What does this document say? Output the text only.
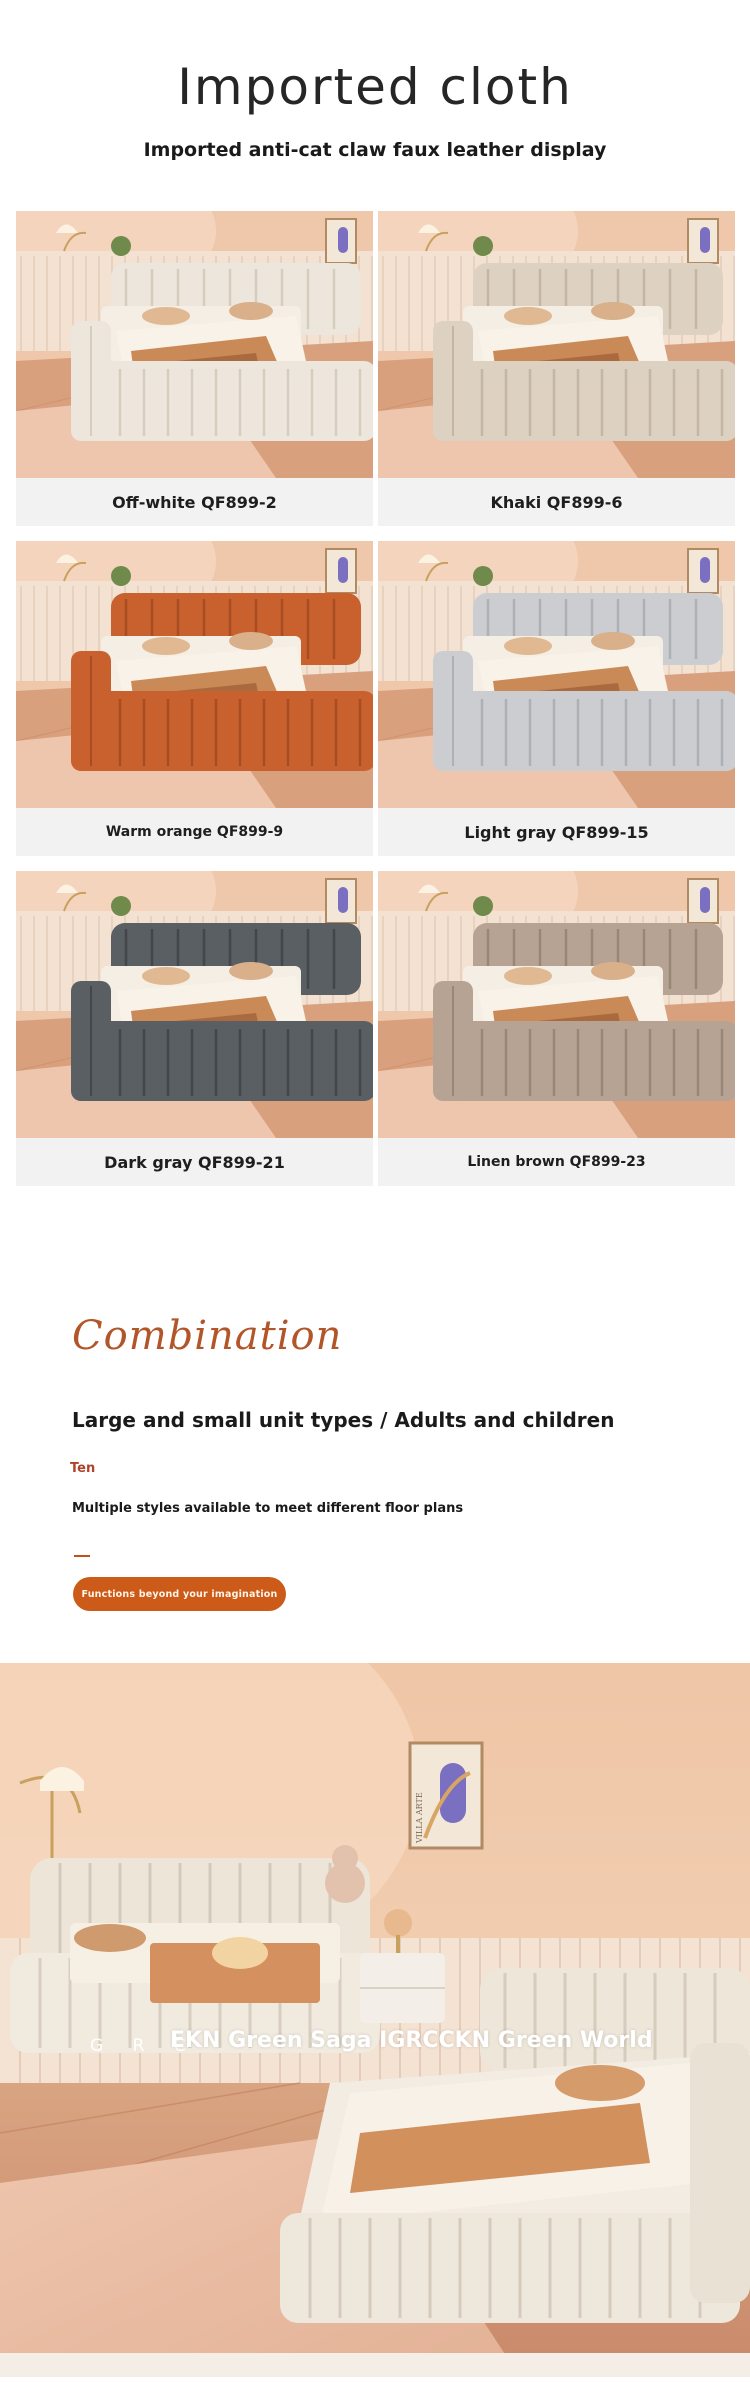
Imported cloth
Imported anti-cat claw faux leather display
Off-white QF899-2	Khaki QF899-6
Warm orange QF899-9	Light gray QF899-15
Dark gray QF899-21	Linen brown QF899-23
Combination
Large and small unit types / Adults and children
Ten
Multiple styles available to meet different floor plans
Functions beyond your imagination
VILLA ARTE
G R C
EKN Green Saga IGRCCKN Green World
